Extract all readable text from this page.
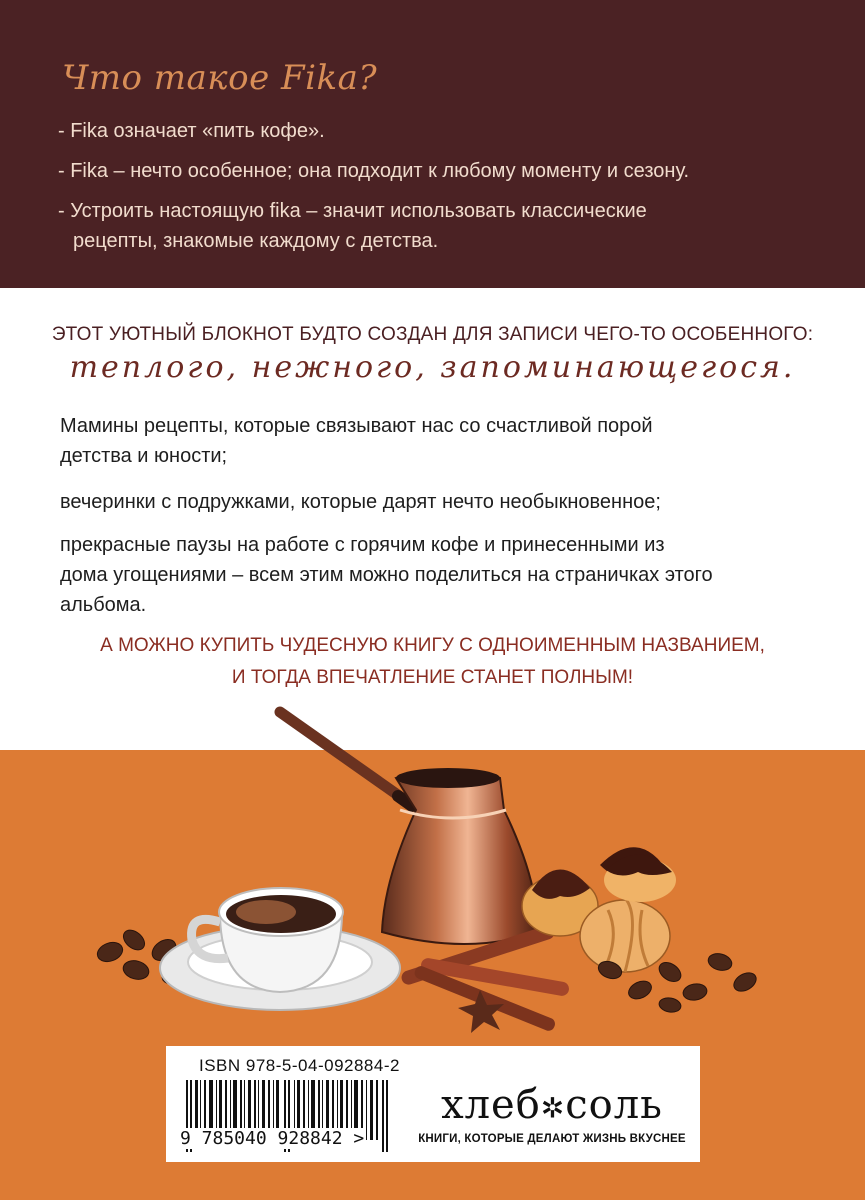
Что такое Fika?
- Fika означает «пить кофе».
- Fika – нечто особенное; она подходит к любому моменту и сезону.
- Устроить настоящую fika – значит использовать классические
рецепты, знакомые каждому с детства.
ЭТОТ УЮТНЫЙ БЛОКНОТ БУДТО СОЗДАН ДЛЯ ЗАПИСИ ЧЕГО-ТО ОСОБЕННОГО:
теплого, нежного, запоминающегося.
Мамины рецепты, которые связывают нас со счастливой порой
детства и юности;
вечеринки с подружками, которые дарят нечто необыкновенное;
прекрасные паузы на работе с горячим кофе и принесенными из
дома угощениями – всем этим можно поделиться на страничках этого
альбома.
А МОЖНО КУПИТЬ ЧУДЕСНУЮ КНИГУ С ОДНОИМЕННЫМ НАЗВАНИЕМ,
И ТОГДА ВПЕЧАТЛЕНИЕ СТАНЕТ ПОЛНЫМ!
ISBN 978-5-04-092884-2
9 785040 928842 >
хлеб✲соль
КНИГИ, КОТОРЫЕ ДЕЛАЮТ ЖИЗНЬ ВКУСНЕЕ
